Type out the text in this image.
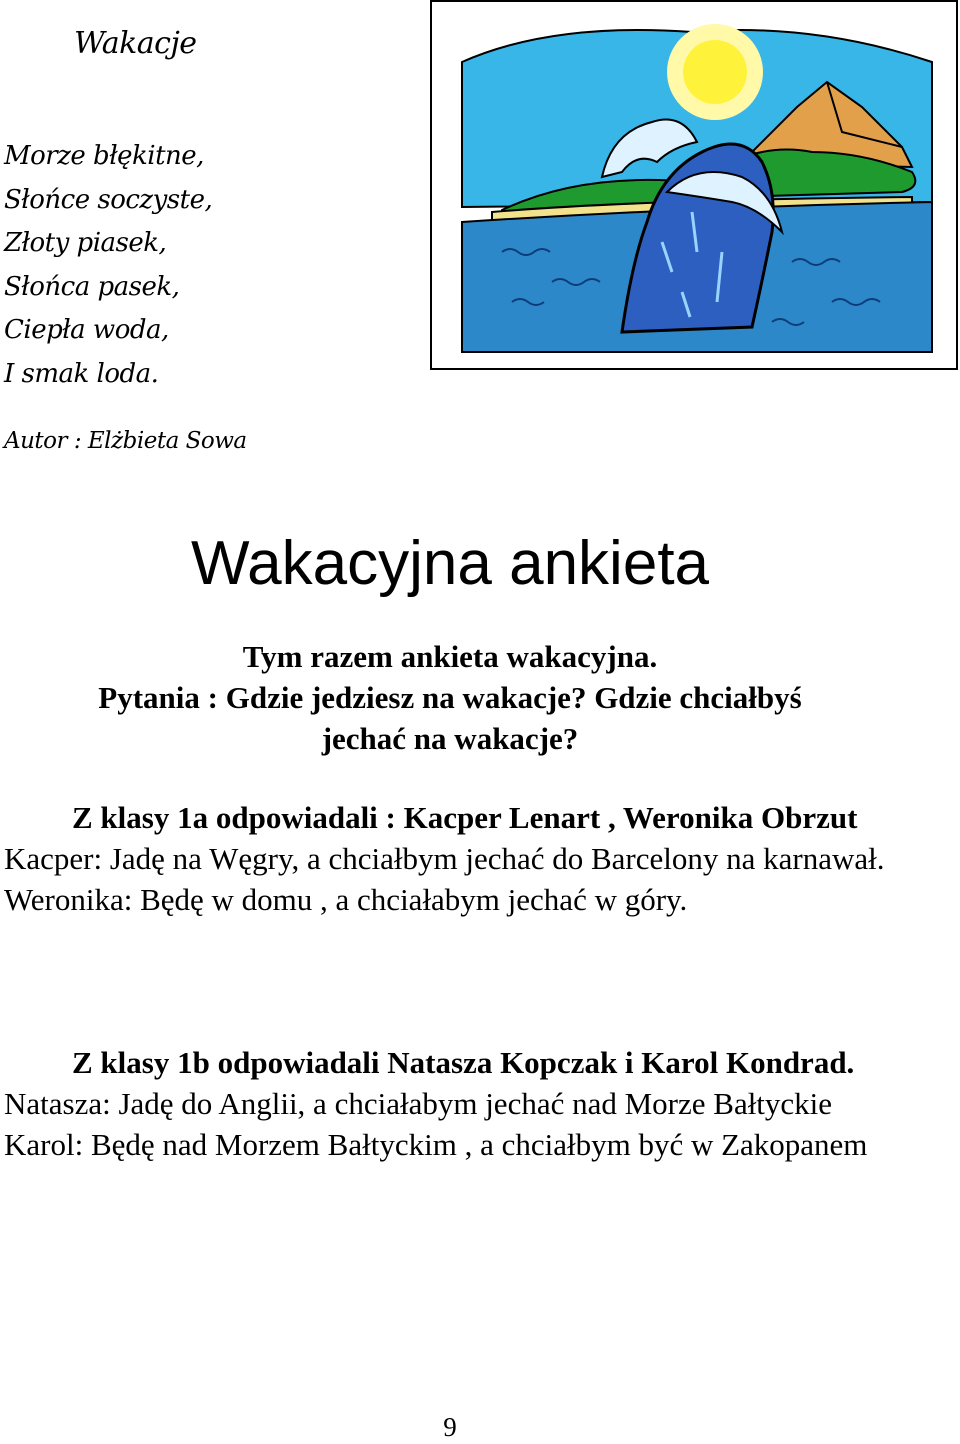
Wakacje
Morze błękitne,
Słońce soczyste,
Złoty piasek,
Słońca pasek,
Ciepła woda,
I smak loda.
Autor : Elżbieta Sowa
Wakacyjna ankieta
Tym razem ankieta wakacyjna.
Pytania : Gdzie jedziesz na wakacje? Gdzie chciałbyś
jechać na wakacje?
Z klasy 1a odpowiadali : Kacper Lenart , Weronika Obrzut
Kacper: Jadę na Węgry, a chciałbym jechać do Barcelony na karnawał.
Weronika: Będę w domu , a chciałabym jechać w góry.
Z klasy 1b odpowiadali Natasza Kopczak i Karol Kondrad.
Natasza: Jadę do Anglii, a chciałabym jechać nad Morze Bałtyckie
Karol: Będę nad Morzem Bałtyckim , a chciałbym być w Zakopanem
9
